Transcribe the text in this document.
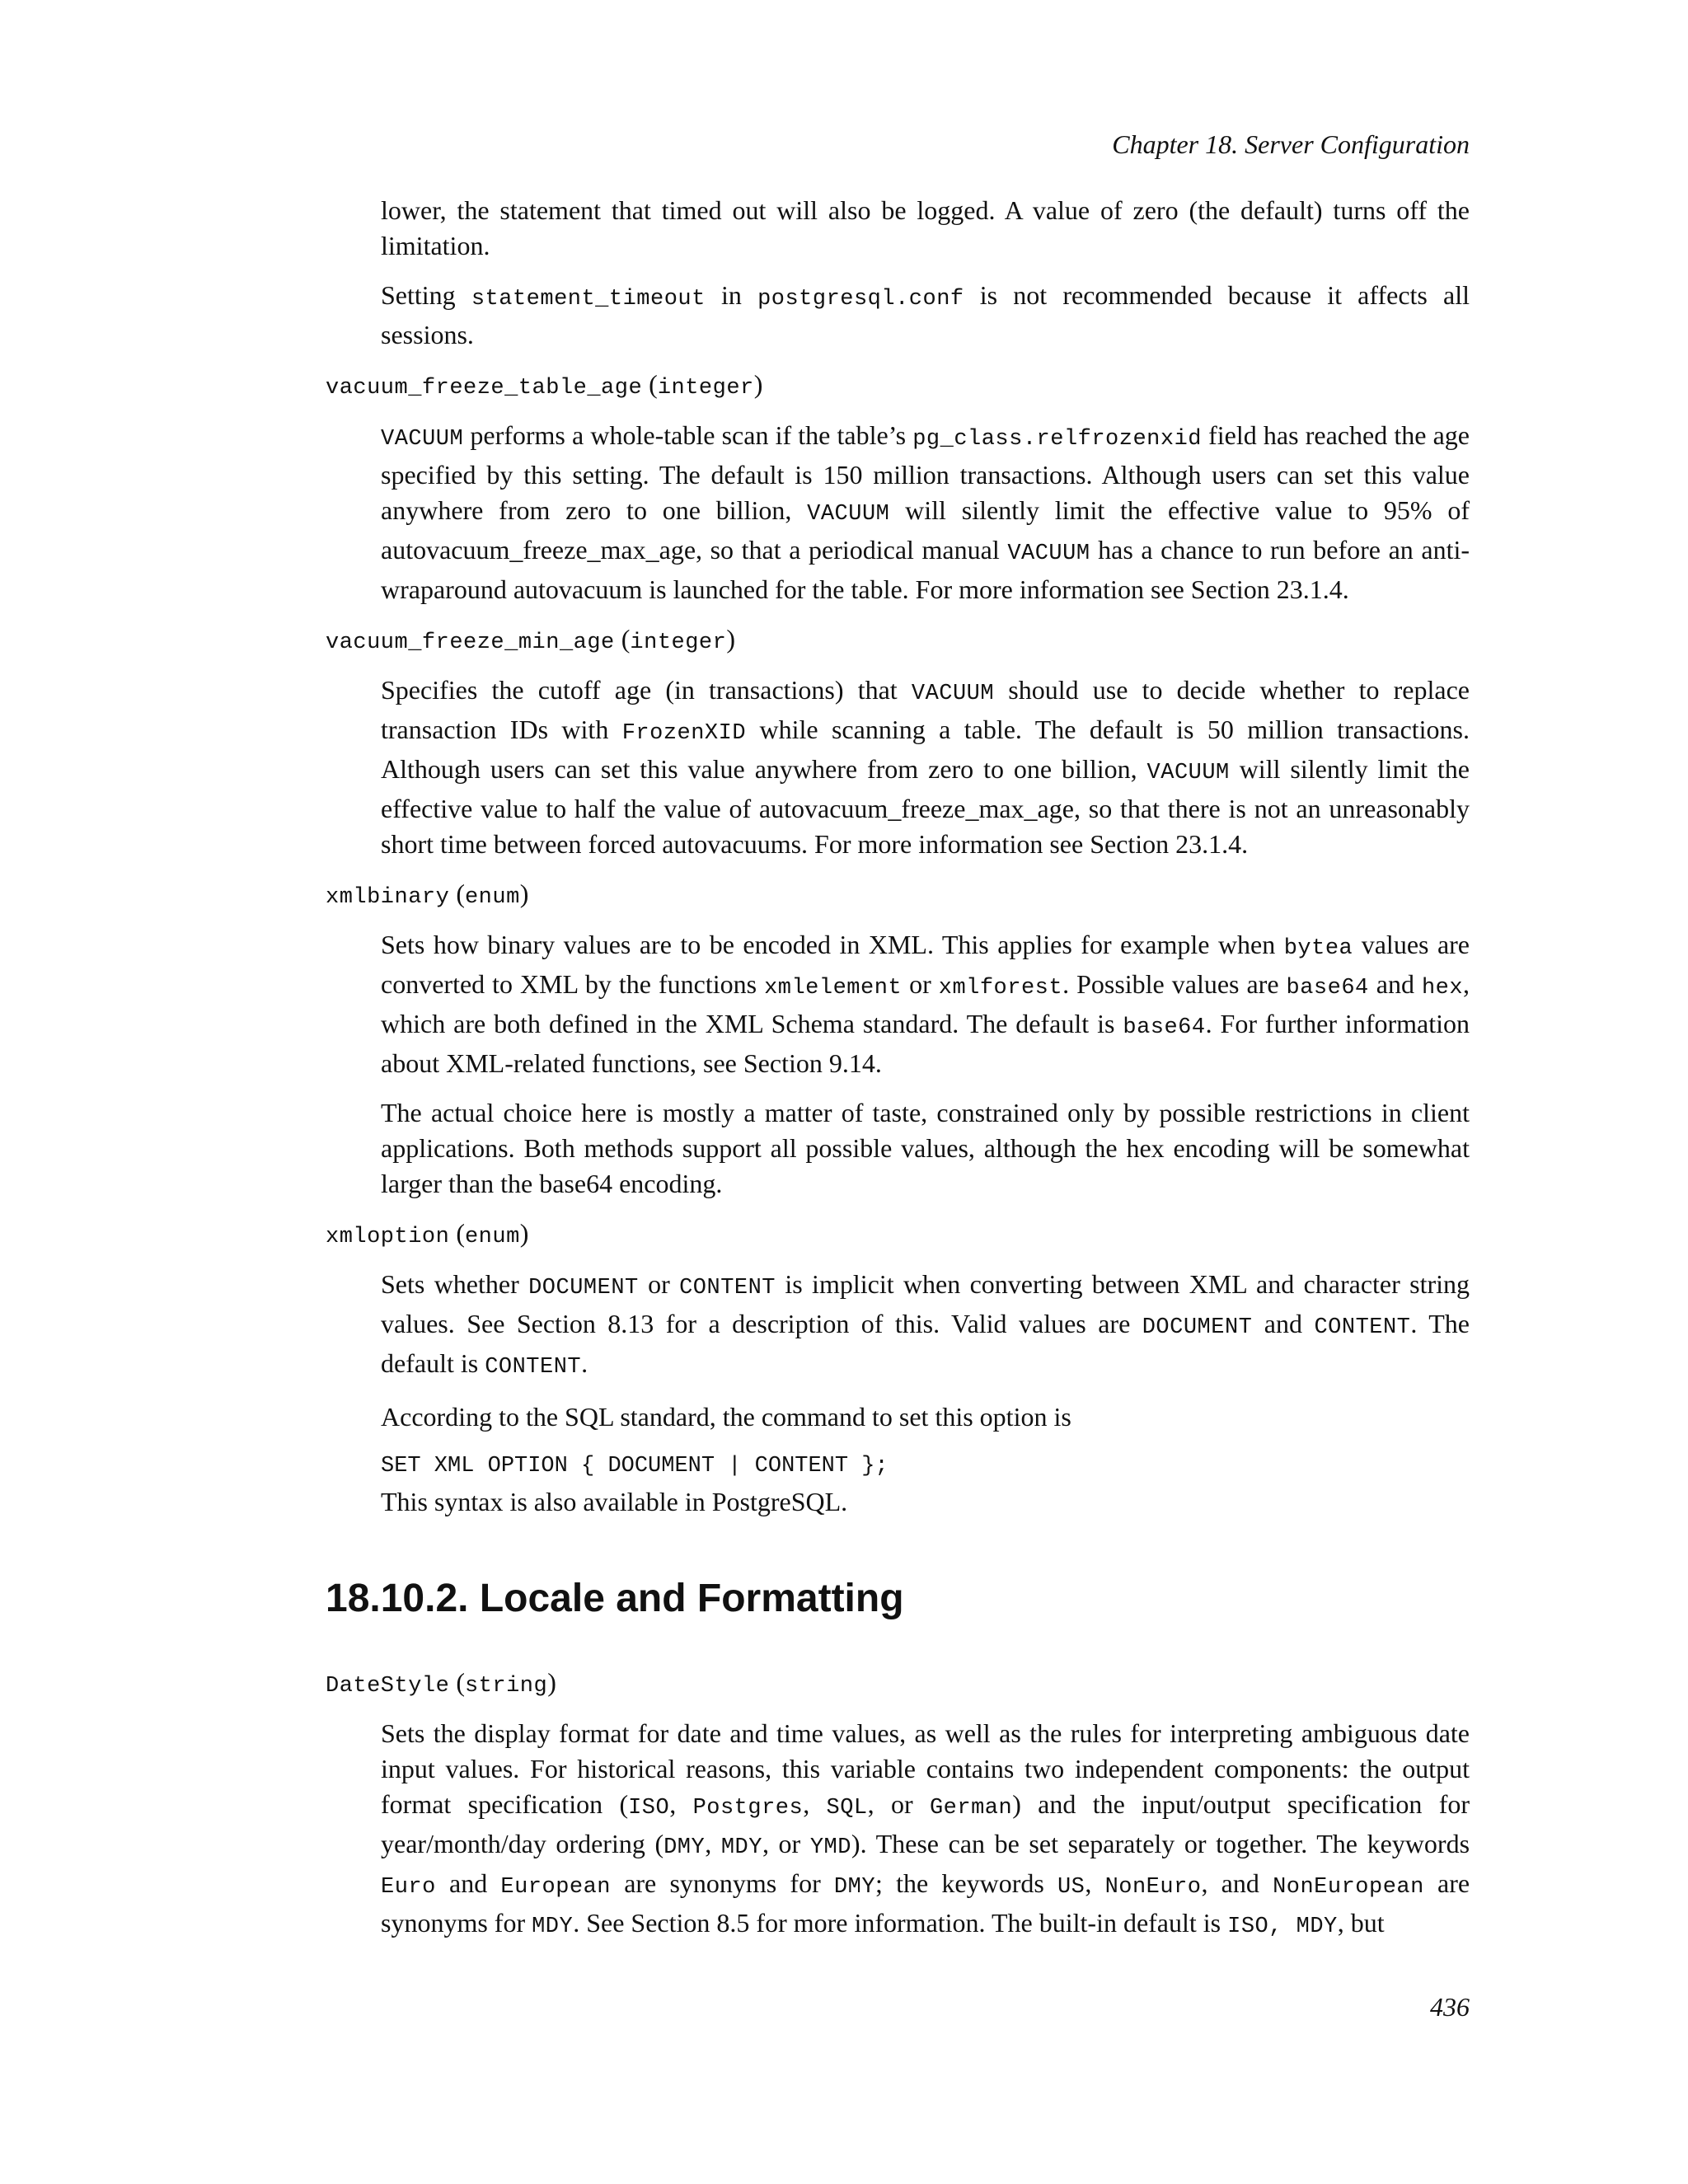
Chapter 18. Server Configuration

lower, the statement that timed out will also be logged. A value of zero (the default) turns off the limitation.

Setting statement_timeout in postgresql.conf is not recommended because it affects all sessions.

vacuum_freeze_table_age (integer)

VACUUM performs a whole-table scan if the table’s pg_class.relfrozenxid field has reached the age specified by this setting. The default is 150 million transactions. Although users can set this value anywhere from zero to one billion, VACUUM will silently limit the effective value to 95% of autovacuum_freeze_max_age, so that a periodical manual VACUUM has a chance to run before an anti-wraparound autovacuum is launched for the table. For more information see Section 23.1.4.

vacuum_freeze_min_age (integer)

Specifies the cutoff age (in transactions) that VACUUM should use to decide whether to replace transaction IDs with FrozenXID while scanning a table. The default is 50 million transactions. Although users can set this value anywhere from zero to one billion, VACUUM will silently limit the effective value to half the value of autovacuum_freeze_max_age, so that there is not an unreasonably short time between forced autovacuums. For more information see Section 23.1.4.

xmlbinary (enum)

Sets how binary values are to be encoded in XML. This applies for example when bytea values are converted to XML by the functions xmlelement or xmlforest. Possible values are base64 and hex, which are both defined in the XML Schema standard. The default is base64. For further information about XML-related functions, see Section 9.14.

The actual choice here is mostly a matter of taste, constrained only by possible restrictions in client applications. Both methods support all possible values, although the hex encoding will be somewhat larger than the base64 encoding.

xmloption (enum)

Sets whether DOCUMENT or CONTENT is implicit when converting between XML and character string values. See Section 8.13 for a description of this. Valid values are DOCUMENT and CONTENT. The default is CONTENT.

According to the SQL standard, the command to set this option is

SET XML OPTION { DOCUMENT | CONTENT };

This syntax is also available in PostgreSQL.

18.10.2. Locale and Formatting
DateStyle (string)

Sets the display format for date and time values, as well as the rules for interpreting ambiguous date input values. For historical reasons, this variable contains two independent components: the output format specification (ISO, Postgres, SQL, or German) and the input/output specification for year/month/day ordering (DMY, MDY, or YMD). These can be set separately or together. The keywords Euro and European are synonyms for DMY; the keywords US, NonEuro, and NonEuropean are synonyms for MDY. See Section 8.5 for more information. The built-in default is ISO, MDY, but

436
